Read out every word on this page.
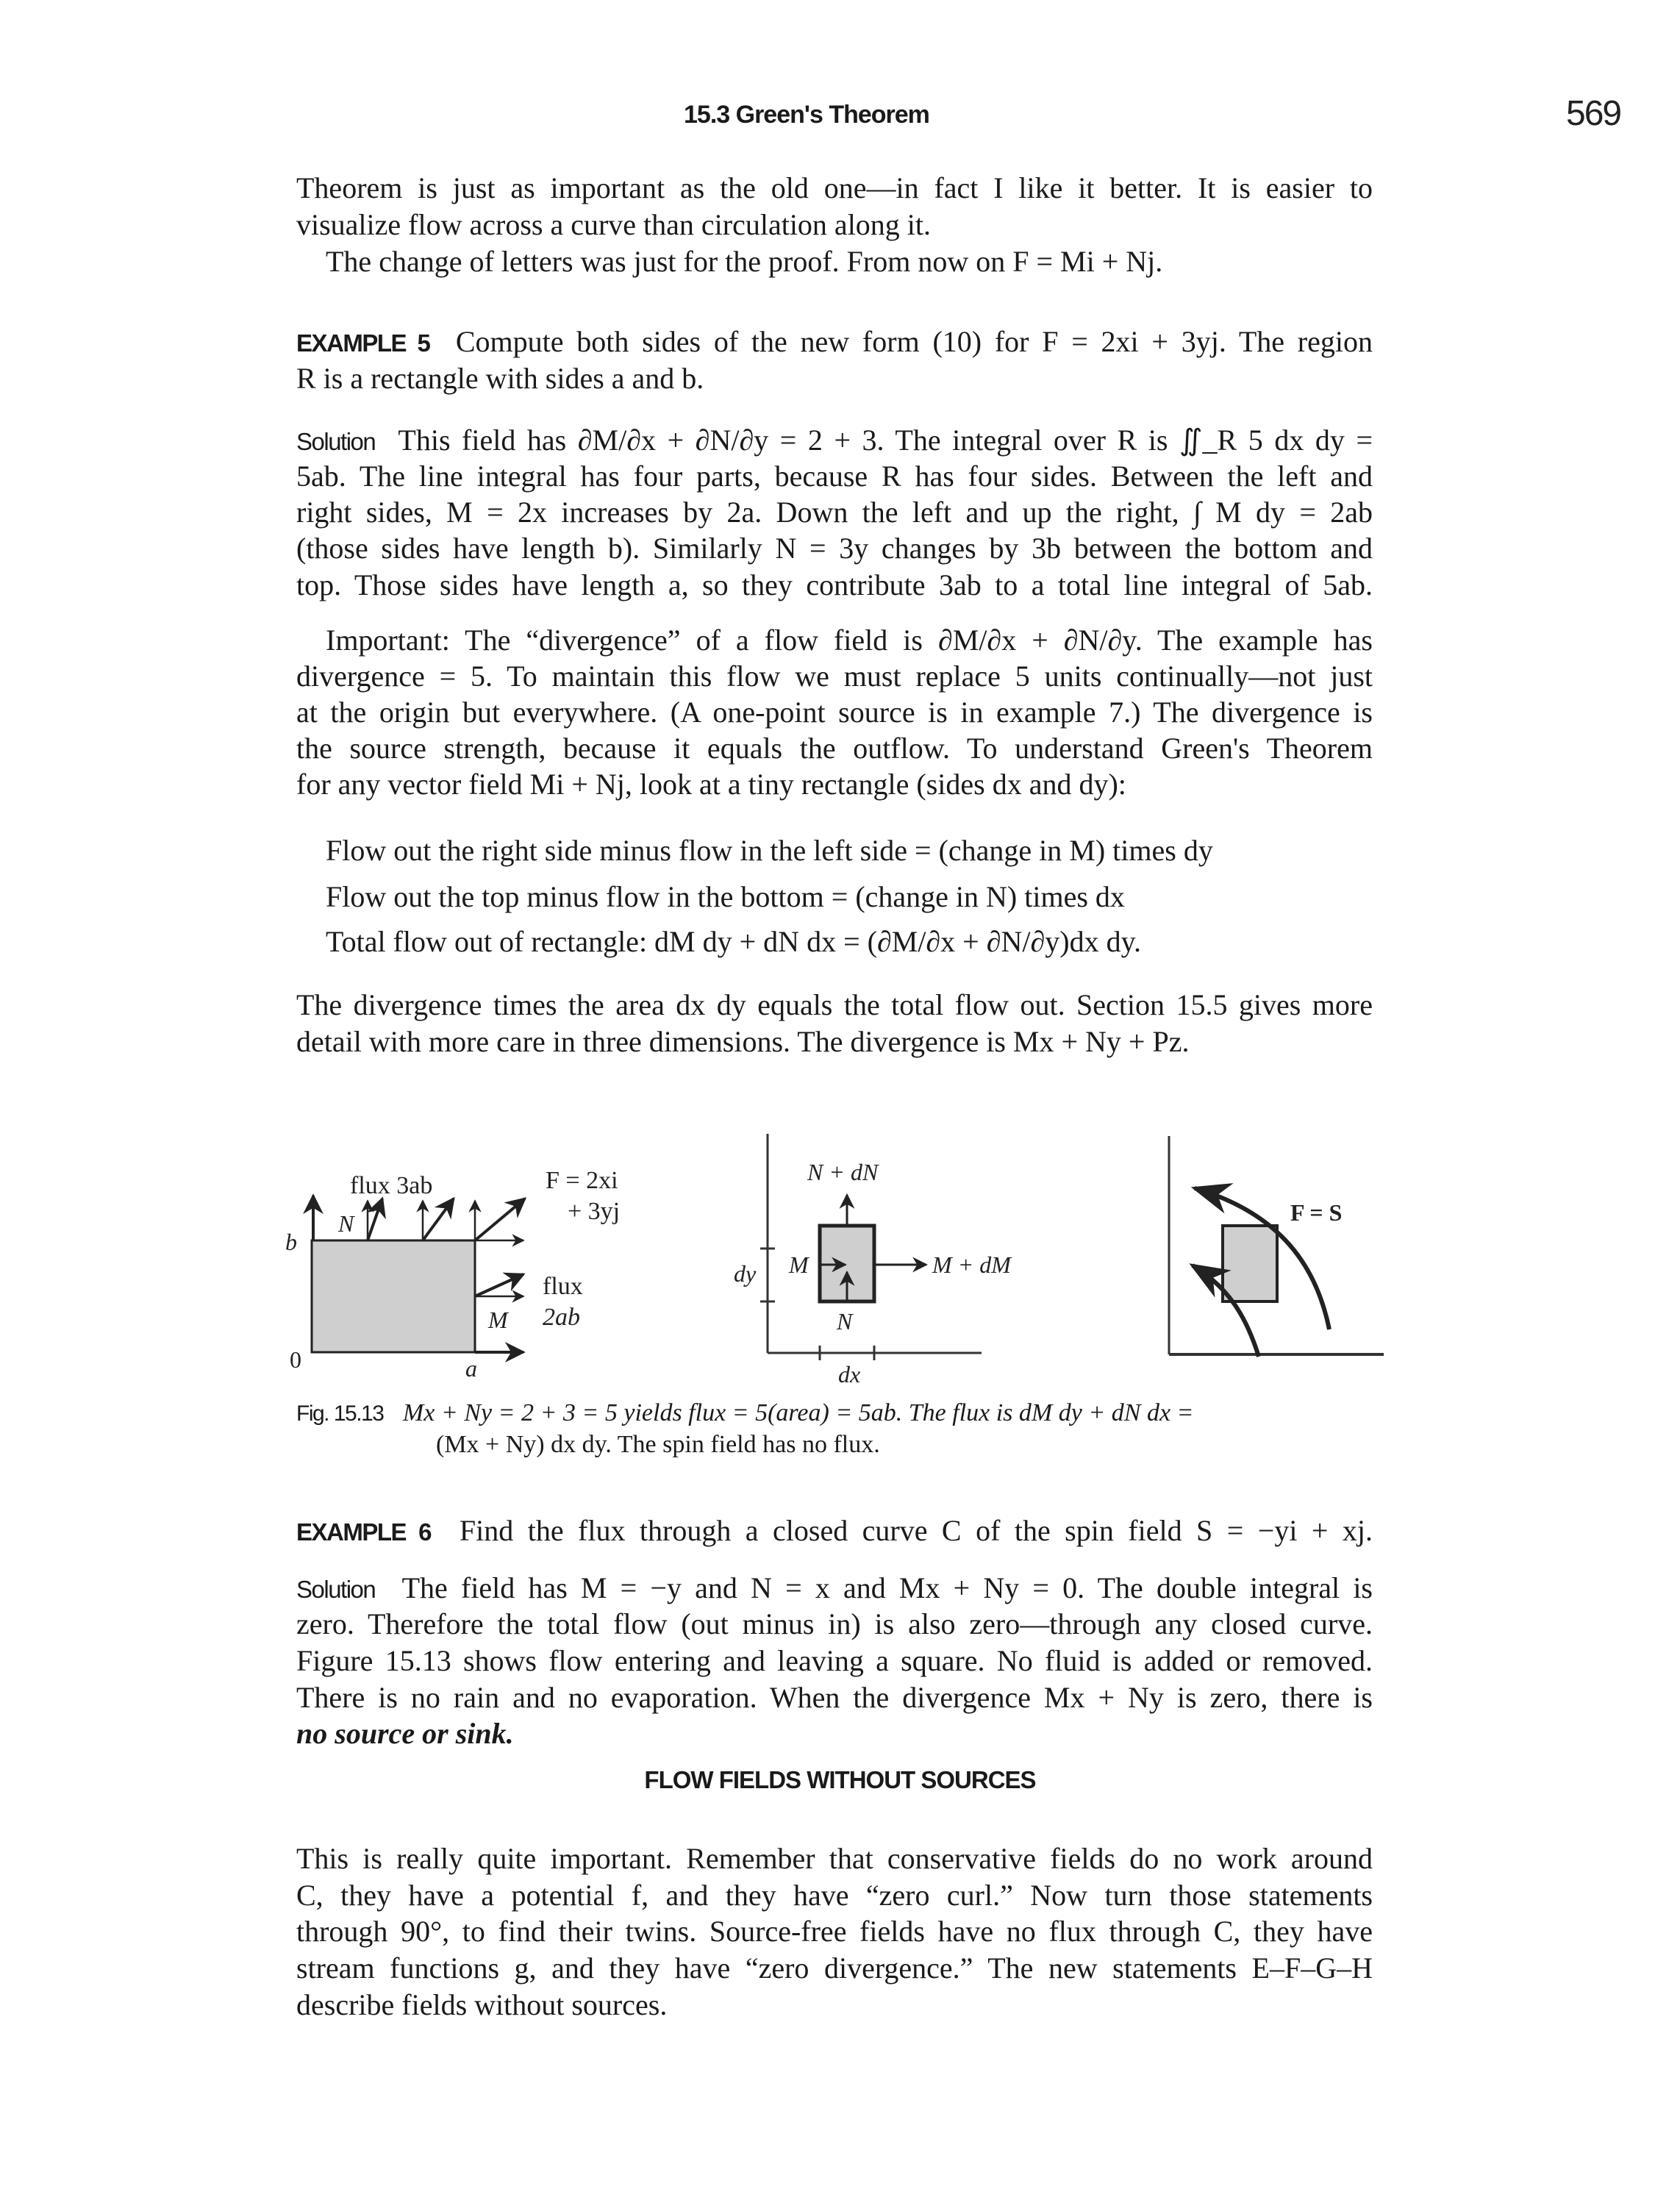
15.3 Green's Theorem	569
Theorem is just as important as the old one—in fact I like it better. It is easier to
visualize flow across a curve than circulation along it.
The change of letters was just for the proof. From now on F = Mi + Nj.
EXAMPLE 5 Compute both sides of the new form (10) for F = 2xi + 3yj. The region
R is a rectangle with sides a and b.
Solution This field has ∂M/∂x + ∂N/∂y = 2 + 3. The integral over R is ∬_R 5 dx dy =
5ab. The line integral has four parts, because R has four sides. Between the left and
right sides, M = 2x increases by 2a. Down the left and up the right, ∫ M dy = 2ab
(those sides have length b). Similarly N = 3y changes by 3b between the bottom and
top. Those sides have length a, so they contribute 3ab to a total line integral of 5ab.
Important: The “divergence” of a flow field is ∂M/∂x + ∂N/∂y. The example has
divergence = 5. To maintain this flow we must replace 5 units continually—not just
at the origin but everywhere. (A one-point source is in example 7.) The divergence is
the source strength, because it equals the outflow. To understand Green's Theorem
for any vector field Mi + Nj, look at a tiny rectangle (sides dx and dy):
Flow out the right side minus flow in the left side = (change in M) times dy
Flow out the top minus flow in the bottom = (change in N) times dx
Total flow out of rectangle: dM dy + dN dx = (∂M/∂x + ∂N/∂y)dx dy.
The divergence times the area dx dy equals the total flow out. Section 15.5 gives more
detail with more care in three dimensions. The divergence is Mx + Ny + Pz.
flux 3ab	F = 2xi
+ 3yj
N
b
flux
2ab
M
0	a
N + dN
M + dM
M
N
dy
dx
F = S
Fig. 15.13 Mx + Ny = 2 + 3 = 5 yields flux = 5(area) = 5ab. The flux is dM dy + dN dx =
(Mx + Ny) dx dy. The spin field has no flux.
EXAMPLE 6 Find the flux through a closed curve C of the spin field S = −yi + xj.
Solution The field has M = −y and N = x and Mx + Ny = 0. The double integral is
zero. Therefore the total flow (out minus in) is also zero—through any closed curve.
Figure 15.13 shows flow entering and leaving a square. No fluid is added or removed.
There is no rain and no evaporation. When the divergence Mx + Ny is zero, there is
no source or sink.
FLOW FIELDS WITHOUT SOURCES
This is really quite important. Remember that conservative fields do no work around
C, they have a potential f, and they have “zero curl.” Now turn those statements
through 90°, to find their twins. Source-free fields have no flux through C, they have
stream functions g, and they have “zero divergence.” The new statements E–F–G–H
describe fields without sources.
